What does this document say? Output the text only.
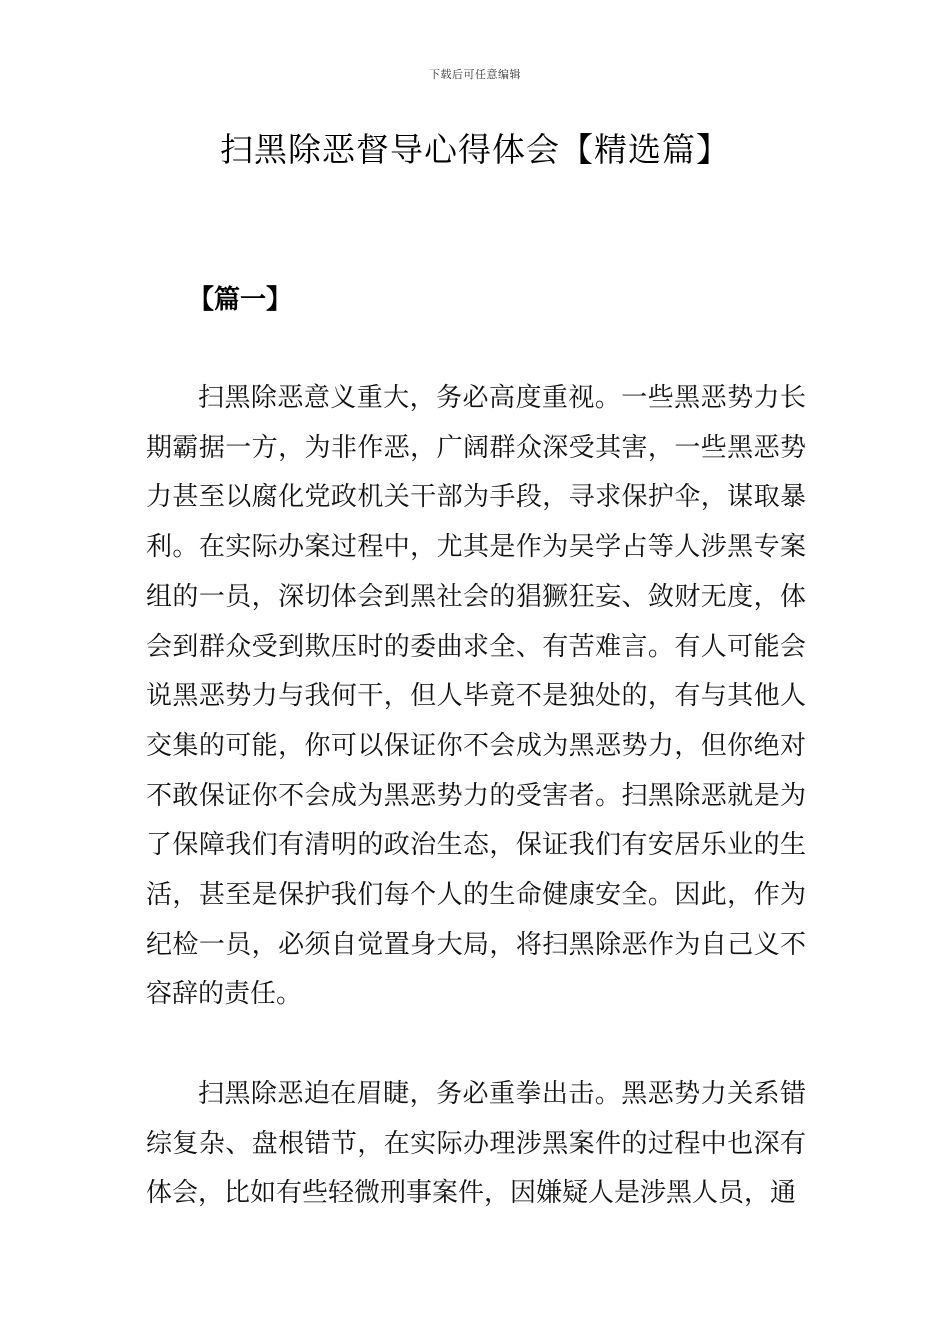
下载后可任意编辑
扫黑除恶督导心得体会【精选篇】
【篇一】

扫黑除恶意义重大，务必高度重视。一些黑恶势力长期霸据一方，为非作恶，广阔群众深受其害，一些黑恶势力甚至以腐化党政机关干部为手段，寻求保护伞，谋取暴利。在实际办案过程中，尤其是作为吴学占等人涉黑专案组的一员，深切体会到黑社会的猖獗狂妄、敛财无度，体会到群众受到欺压时的委曲求全、有苦难言。有人可能会说黑恶势力与我何干，但人毕竟不是独处的，有与其他人交集的可能，你可以保证你不会成为黑恶势力，但你绝对不敢保证你不会成为黑恶势力的受害者。扫黑除恶就是为了保障我们有清明的政治生态，保证我们有安居乐业的生活，甚至是保护我们每个人的生命健康安全。因此，作为纪检一员，必须自觉置身大局，将扫黑除恶作为自己义不容辞的责任。

扫黑除恶迫在眉睫，务必重拳出击。黑恶势力关系错综复杂、盘根错节，在实际办理涉黑案件的过程中也深有体会，比如有些轻微刑事案件，因嫌疑人是涉黑人员，通
